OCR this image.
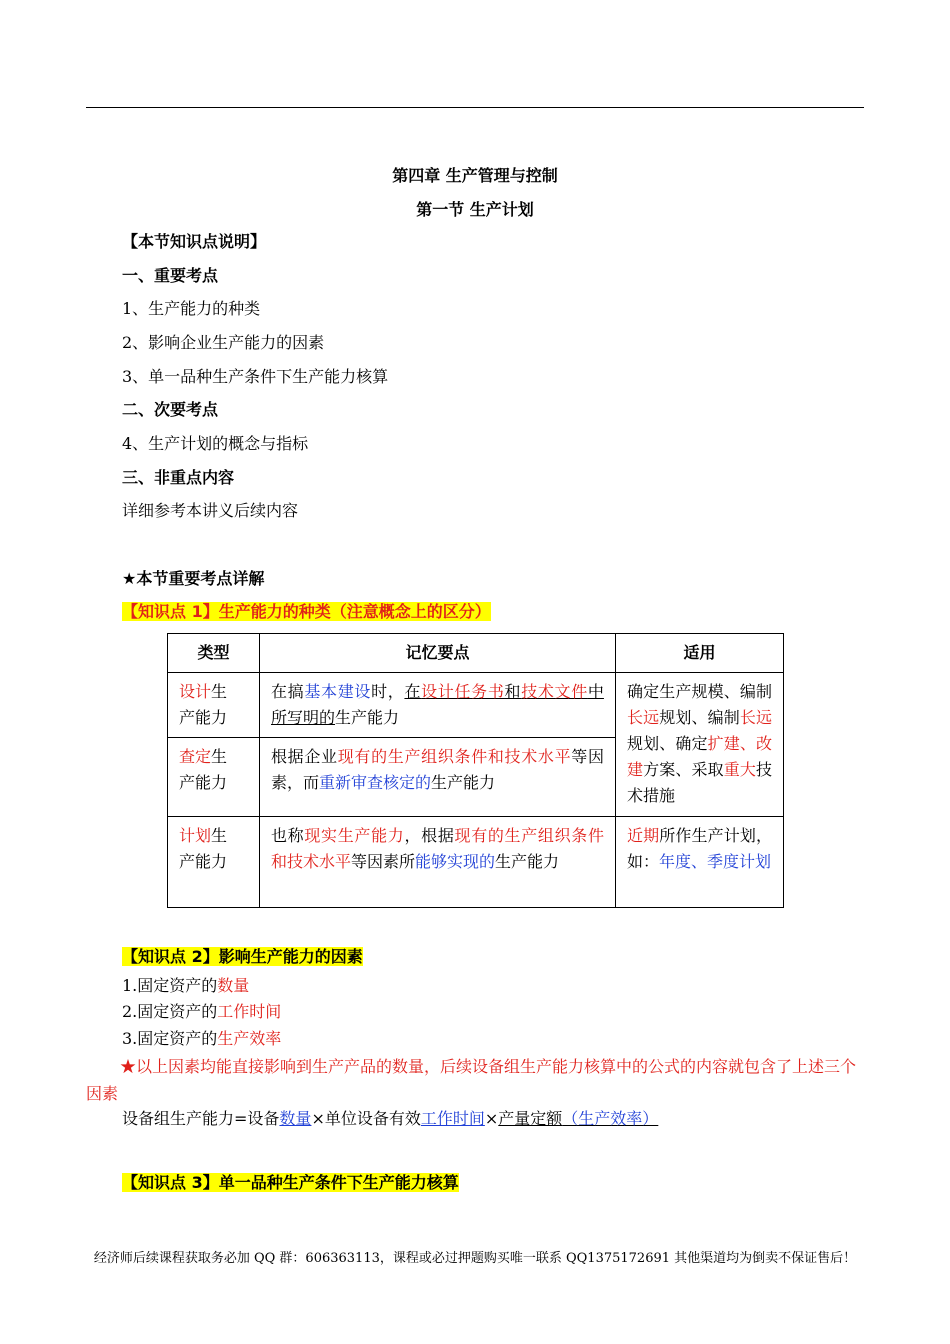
第四章 生产管理与控制
第一节 生产计划
【本节知识点说明】
一、重要考点
1、生产能力的种类
2、影响企业生产能力的因素
3、单一品种生产条件下生产能力核算
二、次要考点
4、生产计划的概念与指标
三、非重点内容
详细参考本讲义后续内容
★本节重要考点详解
【知识点 1】生产能力的种类（注意概念上的区分）
类型	记忆要点	适用
设计生
产能力	在搞基本建设时，在设计任务书和技术文件中所写明的生产能力	确定生产规模、编制长远规划、编制长远规划、确定扩建、改建方案、采取重大技术措施
查定生
产能力	根据企业现有的生产组织条件和技术水平等因素，而重新审查核定的生产能力	
计划生
产能力	也称现实生产能力，根据现有的生产组织条件和技术水平等因素所能够实现的生产能力	近期所作生产计划，如：年度、季度计划
【知识点 2】影响生产能力的因素
1.固定资产的数量
2.固定资产的工作时间
3.固定资产的生产效率
★以上因素均能直接影响到生产产品的数量，后续设备组生产能力核算中的公式的内容就包含了上述三个因素
设备组生产能力=设备数量×单位设备有效工作时间×产量定额（生产效率）
【知识点 3】单一品种生产条件下生产能力核算
经济师后续课程获取务必加 QQ 群：606363113，课程或必过押题购买唯一联系 QQ1375172691 其他渠道均为倒卖不保证售后！
